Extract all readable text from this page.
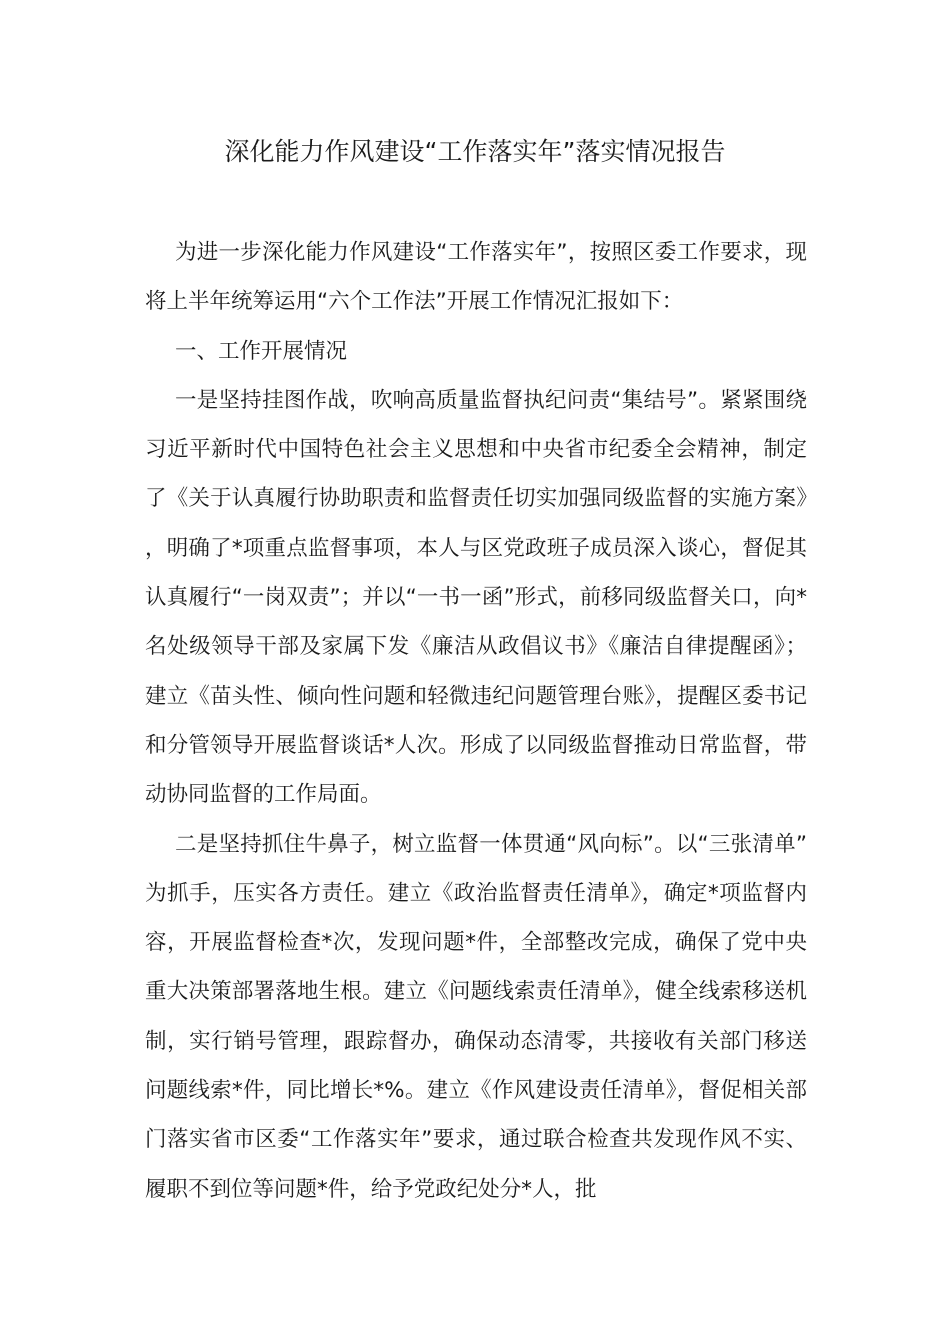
深化能力作风建设“工作落实年”落实情况报告

为进一步深化能力作风建设“工作落实年”，按照区委工作要求，现将上半年统筹运用“六个工作法”开展工作情况汇报如下：

一、工作开展情况

一是坚持挂图作战，吹响高质量监督执纪问责“集结号”。紧紧围绕习近平新时代中国特色社会主义思想和中央省市纪委全会精神，制定了《关于认真履行协助职责和监督责任切实加强同级监督的实施方案》，明确了*项重点监督事项，本人与区党政班子成员深入谈心，督促其认真履行“一岗双责”；并以“一书一函”形式，前移同级监督关口，向*名处级领导干部及家属下发《廉洁从政倡议书》《廉洁自律提醒函》；建立《苗头性、倾向性问题和轻微违纪问题管理台账》，提醒区委书记和分管领导开展监督谈话*人次。形成了以同级监督推动日常监督，带动协同监督的工作局面。

二是坚持抓住牛鼻子，树立监督一体贯通“风向标”。以“三张清单”为抓手，压实各方责任。建立《政治监督责任清单》，确定*项监督内容，开展监督检查*次，发现问题*件，全部整改完成，确保了党中央重大决策部署落地生根。建立《问题线索责任清单》，健全线索移送机制，实行销号管理，跟踪督办，确保动态清零，共接收有关部门移送问题线索*件，同比增长*%。建立《作风建设责任清单》，督促相关部门落实省市区委“工作落实年”要求，通过联合检查共发现作风不实、履职不到位等问题*件，给予党政纪处分*人，批
